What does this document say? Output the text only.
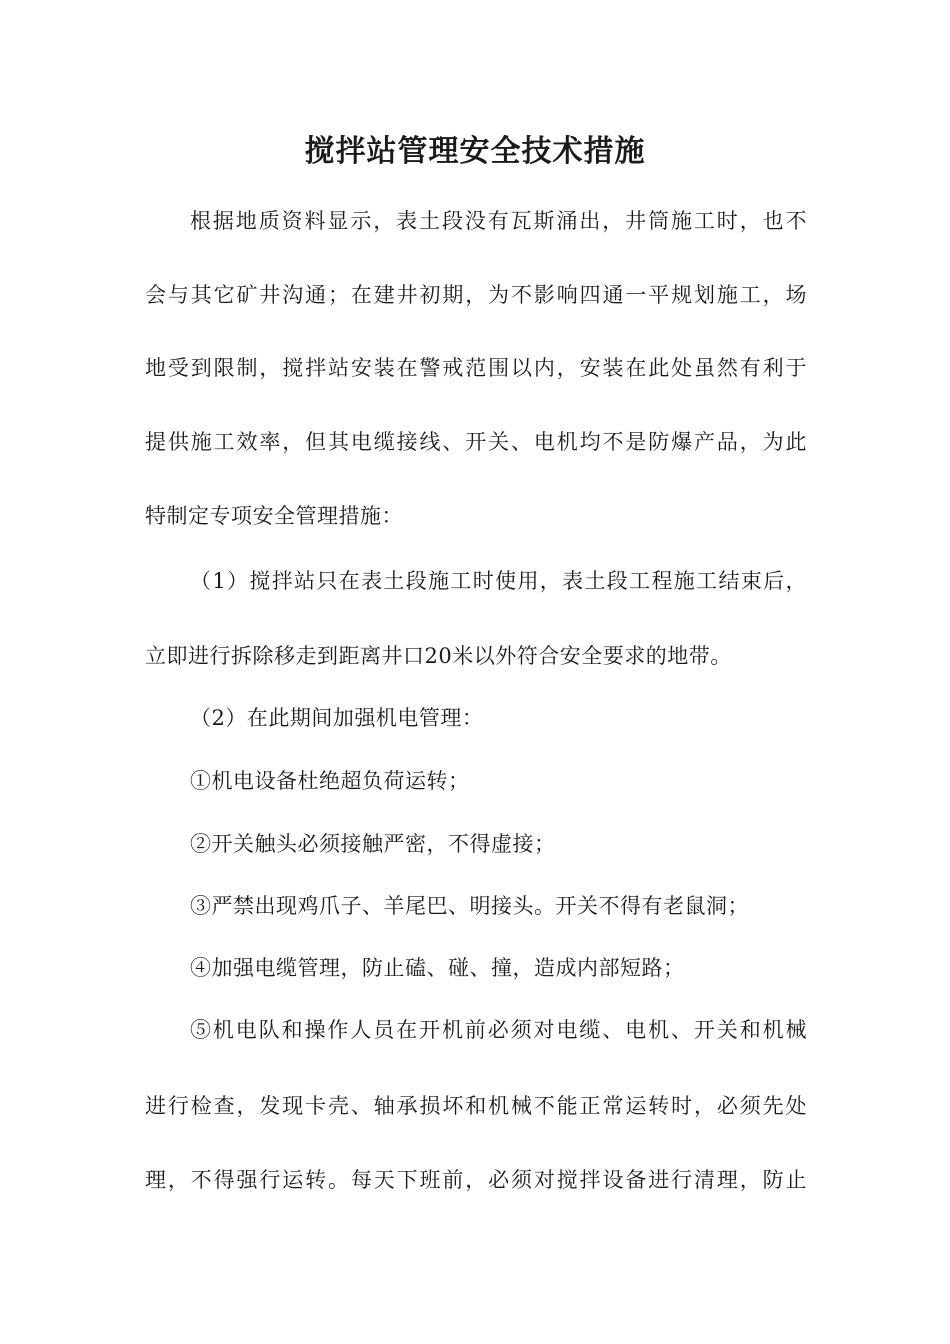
搅拌站管理安全技术措施
根据地质资料显示，表土段没有瓦斯涌出，井筒施工时，也不
会与其它矿井沟通；在建井初期，为不影响四通一平规划施工，场
地受到限制，搅拌站安装在警戒范围以内，安装在此处虽然有利于
提供施工效率，但其电缆接线、开关、电机均不是防爆产品，为此
特制定专项安全管理措施：
（1）搅拌站只在表土段施工时使用，表土段工程施工结束后，
立即进行拆除移走到距离井口20米以外符合安全要求的地带。
（2）在此期间加强机电管理：
①机电设备杜绝超负荷运转；
②开关触头必须接触严密，不得虚接；
③严禁出现鸡爪子、羊尾巴、明接头。开关不得有老鼠洞；
④加强电缆管理，防止磕、碰、撞，造成内部短路；
⑤机电队和操作人员在开机前必须对电缆、电机、开关和机械
进行检查，发现卡壳、轴承损坏和机械不能正常运转时，必须先处
理，不得强行运转。每天下班前，必须对搅拌设备进行清理，防止
